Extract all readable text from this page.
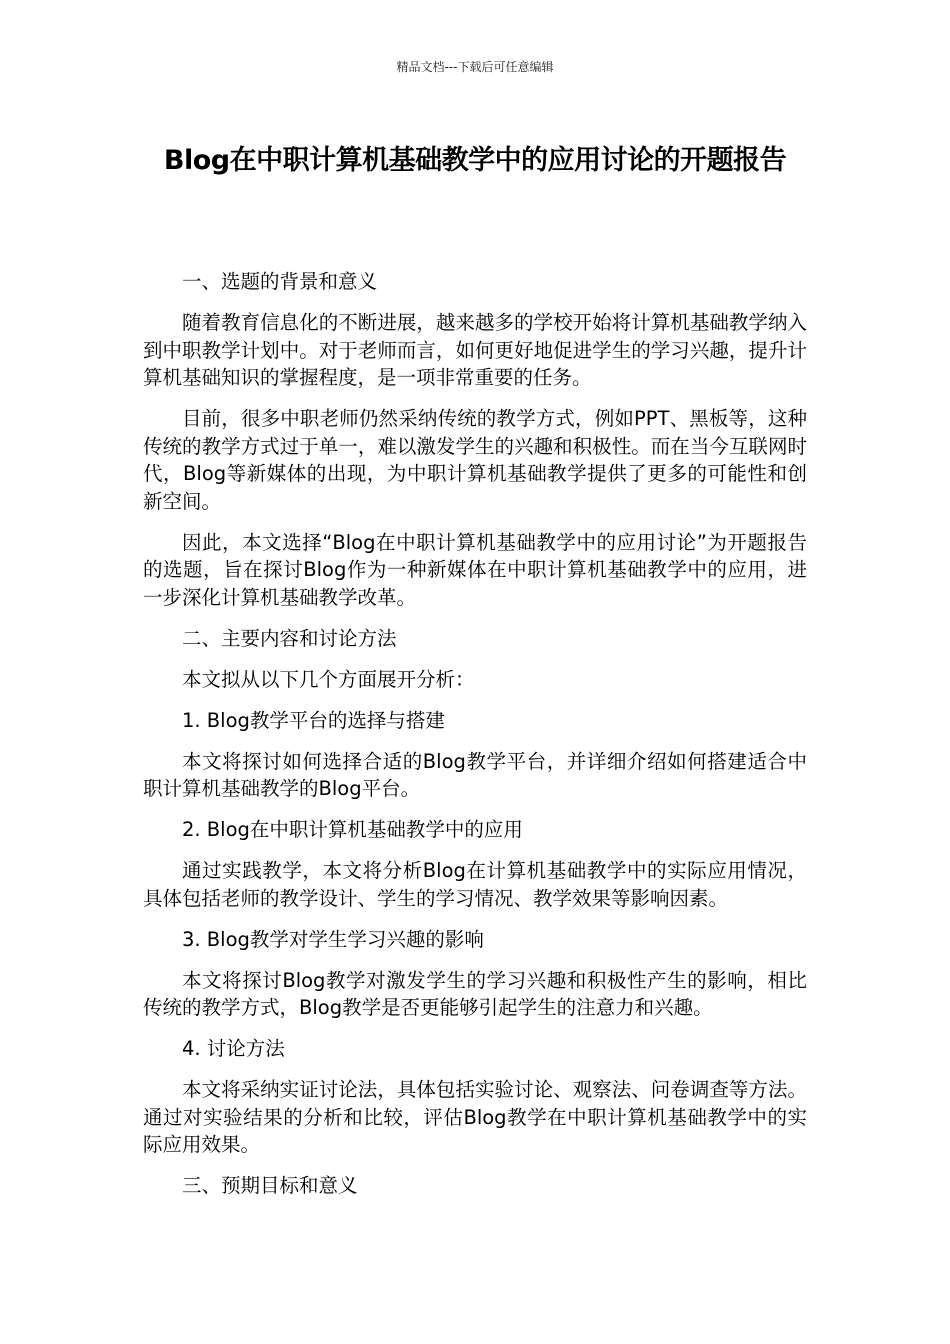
精品文档---下载后可任意编辑
Blog在中职计算机基础教学中的应用讨论的开题报告

一、选题的背景和意义

随着教育信息化的不断进展，越来越多的学校开始将计算机基础教学纳入到中职教学计划中。对于老师而言，如何更好地促进学生的学习兴趣，提升计算机基础知识的掌握程度，是一项非常重要的任务。

目前，很多中职老师仍然采纳传统的教学方式，例如PPT、黑板等，这种传统的教学方式过于单一，难以激发学生的兴趣和积极性。而在当今互联网时代，Blog等新媒体的出现，为中职计算机基础教学提供了更多的可能性和创新空间。

因此，本文选择“Blog在中职计算机基础教学中的应用讨论”为开题报告的选题，旨在探讨Blog作为一种新媒体在中职计算机基础教学中的应用，进一步深化计算机基础教学改革。

二、主要内容和讨论方法

本文拟从以下几个方面展开分析：

1. Blog教学平台的选择与搭建

本文将探讨如何选择合适的Blog教学平台，并详细介绍如何搭建适合中职计算机基础教学的Blog平台。

2. Blog在中职计算机基础教学中的应用

通过实践教学，本文将分析Blog在计算机基础教学中的实际应用情况，具体包括老师的教学设计、学生的学习情况、教学效果等影响因素。

3. Blog教学对学生学习兴趣的影响

本文将探讨Blog教学对激发学生的学习兴趣和积极性产生的影响，相比传统的教学方式，Blog教学是否更能够引起学生的注意力和兴趣。

4. 讨论方法

本文将采纳实证讨论法，具体包括实验讨论、观察法、问卷调查等方法。通过对实验结果的分析和比较，评估Blog教学在中职计算机基础教学中的实际应用效果。

三、预期目标和意义
